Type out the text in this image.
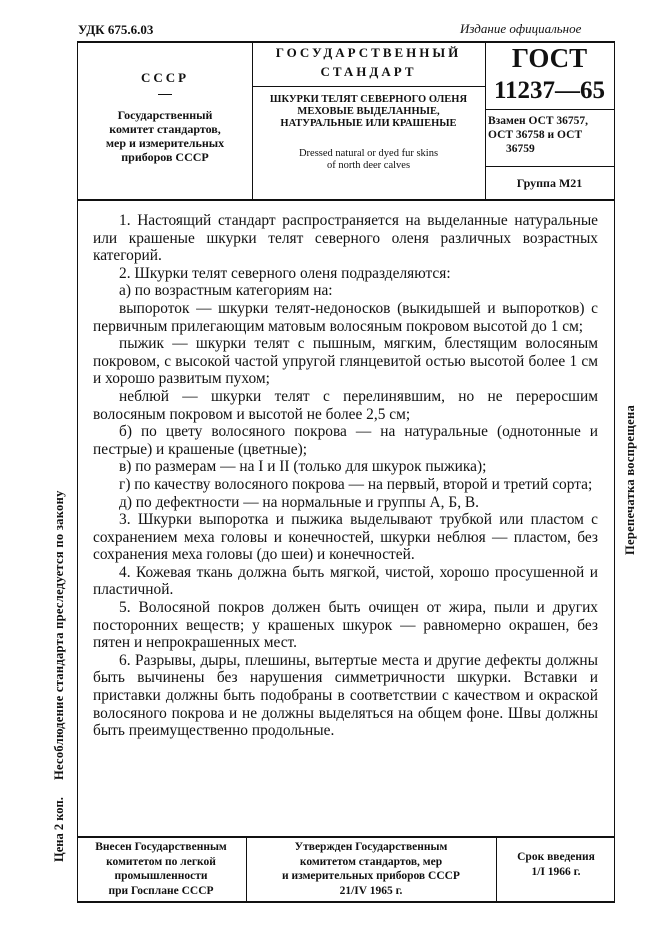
УДК 675.6.03	Издание официальное
СССР
Государственный
комитет стандартов,
мер и измерительных
приборов СССР
ГОСУДАРСТВЕННЫЙ
СТАНДАРТ
ШКУРКИ ТЕЛЯТ СЕВЕРНОГО ОЛЕНЯ
МЕХОВЫЕ ВЫДЕЛАННЫЕ,
НАТУРАЛЬНЫЕ ИЛИ КРАШЕНЫЕ
Dressed natural or dyed fur skins
of north deer calves
ГОСТ
11237—65
Взамен ОСТ 36757,
ОСТ 36758 и ОСТ
36759
Группа М21
Несоблюдение стандарта преследуется по закону
Цена 2 коп.
Перепечатка воспрещена

1. Настоящий стандарт распространяется на выделанные натуральные или крашеные шкурки телят северного оленя различных возрастных категорий.

2. Шкурки телят северного оленя подразделяются:

а) по возрастным категориям на:

выпороток — шкурки телят-недоносков (выкидышей и выпоротков) с первичным прилегающим матовым волосяным покровом высотой до 1 см;

пыжик — шкурки телят с пышным, мягким, блестящим волосяным покровом, с высокой частой упругой глянцевитой остью высотой более 1 см и хорошо развитым пухом;

неблюй — шкурки телят с перелинявшим, но не переросшим волосяным покровом и высотой не более 2,5 см;

б) по цвету волосяного покрова — на натуральные (однотонные и пестрые) и крашеные (цветные);

в) по размерам — на I и II (только для шкурок пыжика);

г) по качеству волосяного покрова — на первый, второй и третий сорта;

д) по дефектности — на нормальные и группы А, Б, В.

3. Шкурки выпоротка и пыжика выделывают трубкой или пластом с сохранением меха головы и конечностей, шкурки неблюя — пластом, без сохранения меха головы (до шеи) и конечностей.

4. Кожевая ткань должна быть мягкой, чистой, хорошо просушенной и пластичной.

5. Волосяной покров должен быть очищен от жира, пыли и других посторонних веществ; у крашеных шкурок — равномерно окрашен, без пятен и непрокрашенных мест.

6. Разрывы, дыры, плешины, вытертые места и другие дефекты должны быть вычинены без нарушения симметричности шкурки. Вставки и приставки должны быть подобраны в соответствии с качеством и окраской волосяного покрова и не должны выделяться на общем фоне. Швы должны быть преимущественно продольные.

Внесен Государственным
комитетом по легкой
промышленности
при Госплане СССР
Утвержден Государственным
комитетом стандартов, мер
и измерительных приборов СССР
21/IV 1965 г.
Срок введения
1/I 1966 г.
